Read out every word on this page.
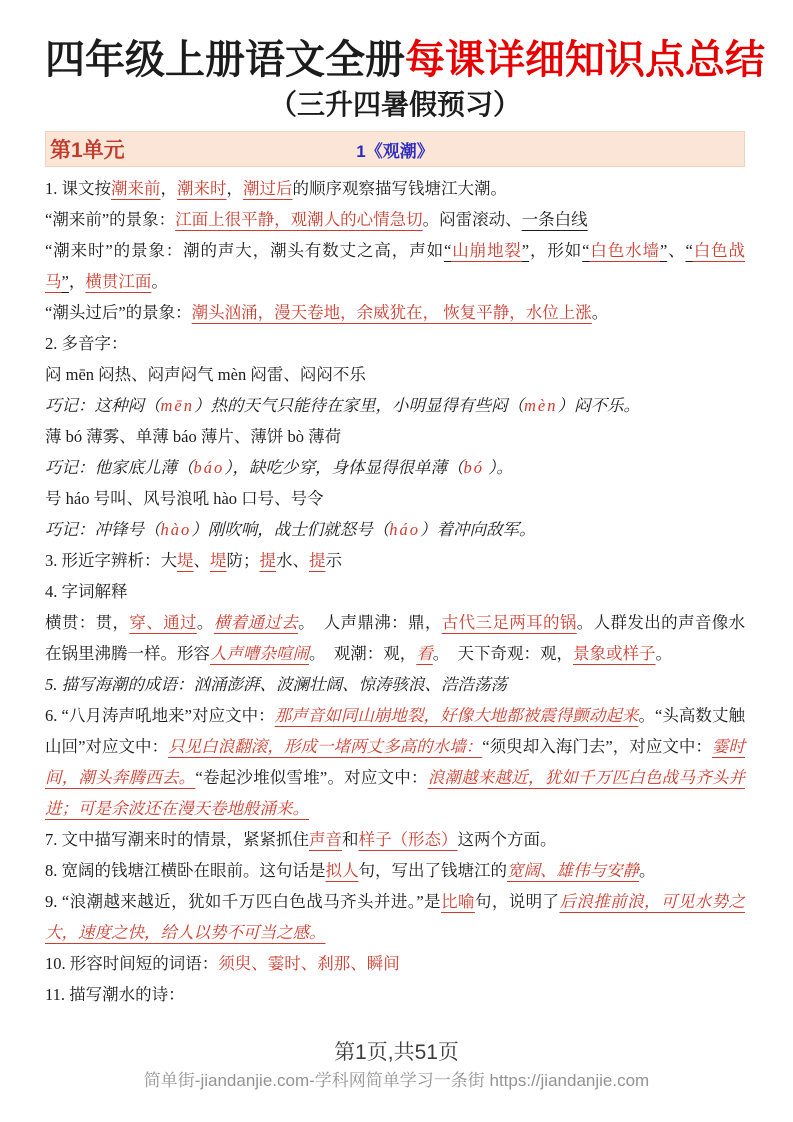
四年级上册语文全册每课详细知识点总结
（三升四暑假预习）
第1单元	1《观潮》

1. 课文按潮来前，潮来时，潮过后的顺序观察描写钱塘江大潮。

“潮来前”的景象：江面上很平静，观潮人的心情急切。闷雷滚动、一条白线

“潮来时”的景象：潮的声大，潮头有数丈之高，声如“山崩地裂”，形如“白色水墙”、“白色战马”，横贯江面。

“潮头过后”的景象：潮头汹涌，漫天卷地，余威犹在， 恢复平静，水位上涨。

2. 多音字：

闷 mēn 闷热、闷声闷气 mèn 闷雷、闷闷不乐

巧记：这种闷（mēn）热的天气只能待在家里，小明显得有些闷（mèn）闷不乐。

薄 bó 薄雾、单薄 báo 薄片、薄饼 bò 薄荷

巧记：他家底儿薄（báo），缺吃少穿，身体显得很单薄（bó ）。

号 háo 号叫、风号浪吼 hào 口号、号令

巧记：冲锋号（hào）刚吹响，战士们就怒号（háo）着冲向敌军。

3. 形近字辨析：大堤、堤防；提水、提示

4. 字词解释

横贯：贯，穿、通过。横着通过去。　人声鼎沸：鼎，古代三足两耳的锅。人群发出的声音像水在锅里沸腾一样。形容人声嘈杂喧闹。　观潮：观，看。　天下奇观：观，景象或样子。

5. 描写海潮的成语：汹涌澎湃、波澜壮阔、惊涛骇浪、浩浩荡荡

6. “八月涛声吼地来”对应文中：那声音如同山崩地裂，好像大地都被震得颤动起来。“头高数丈触山回”对应文中：只见白浪翻滚，形成一堵两丈多高的水墙：“须臾却入海门去”，对应文中：霎时间，潮头奔腾西去。“卷起沙堆似雪堆”。对应文中：浪潮越来越近，犹如千万匹白色战马齐头并进；可是余波还在漫天卷地般涌来。

7. 文中描写潮来时的情景，紧紧抓住声音和样子（形态）这两个方面。

8. 宽阔的钱塘江横卧在眼前。这句话是拟人句，写出了钱塘江的宽阔、雄伟与安静。

9. “浪潮越来越近，犹如千万匹白色战马齐头并进。”是比喻句，说明了后浪推前浪，可见水势之大，速度之快，给人以势不可当之感。

10. 形容时间短的词语：须臾、霎时、刹那、瞬间

11. 描写潮水的诗：

第1页,共51页
简单街-jiandanjie.com-学科网简单学习一条街 https://jiandanjie.com
